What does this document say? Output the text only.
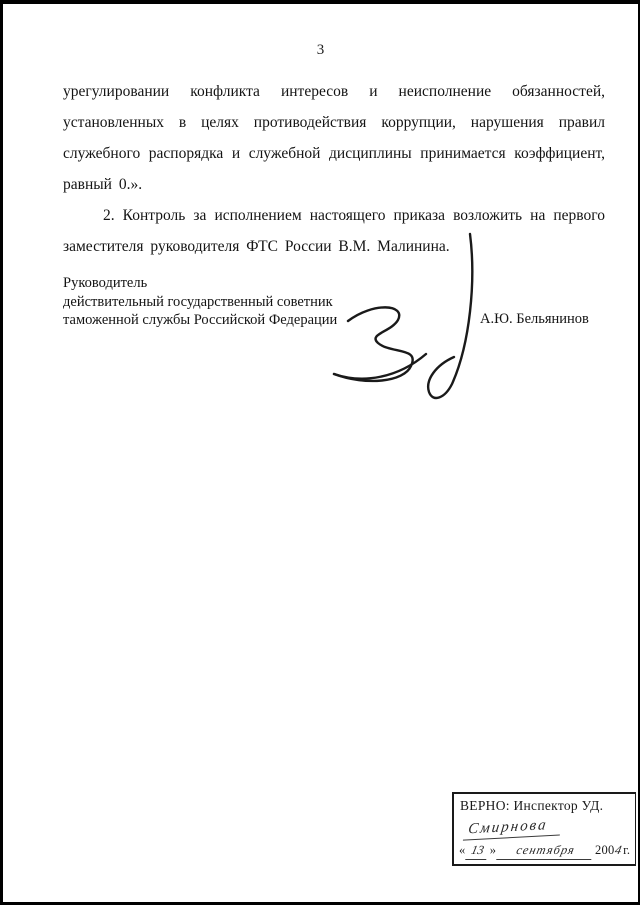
3

урегулировании конфликта интересов и неисполнение обязанностей, установленных в целях противодействия коррупции, нарушения правил служебного распорядка и служебной дисциплины принимается коэффициент, равный 0.».

2. Контроль за исполнением настоящего приказа возложить на первого заместителя руководителя ФТС России В.М. Малинина.

Руководитель
действительный государственный советник
таможенной службы Российской Федерации	А.Ю. Бельянинов
ВЕРНО: Инспектор УД.
Смирнова
« 13 »	сентября	2004 г.
